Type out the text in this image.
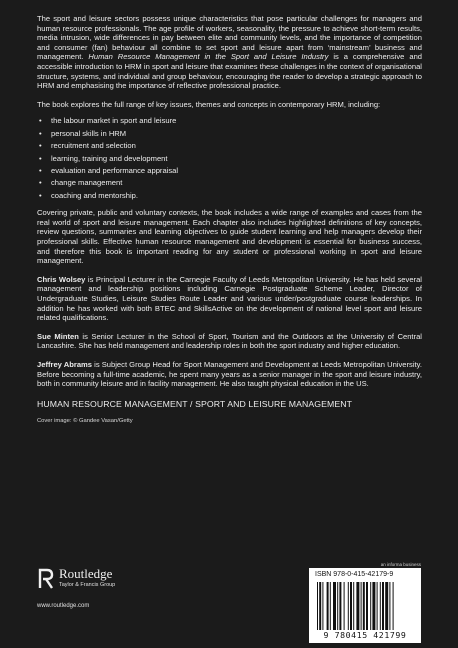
The sport and leisure sectors possess unique characteristics that pose particular challenges for managers and human resource professionals. The age profile of workers, seasonality, the pressure to achieve short-term results, media intrusion, wide differences in pay between elite and community levels, and the importance of competition and consumer (fan) behaviour all combine to set sport and leisure apart from ‘mainstream’ business and management. Human Resource Management in the Sport and Leisure Industry is a comprehensive and accessible introduction to HRM in sport and leisure that examines these challenges in the context of organisational structure, systems, and individual and group behaviour, encouraging the reader to develop a strategic approach to HRM and emphasising the importance of reflective professional practice.

The book explores the full range of key issues, themes and concepts in contemporary HRM, including:

• the labour market in sport and leisure
• personal skills in HRM
• recruitment and selection
• learning, training and development
• evaluation and performance appraisal
• change management
• coaching and mentorship.

Covering private, public and voluntary contexts, the book includes a wide range of examples and cases from the real world of sport and leisure management. Each chapter also includes highlighted definitions of key concepts, review questions, summaries and learning objectives to guide student learning and help managers develop their professional skills. Effective human resource management and development is essential for business success, and therefore this book is important reading for any student or professional working in sport and leisure management.

Chris Wolsey is Principal Lecturer in the Carnegie Faculty of Leeds Metropolitan University. He has held several management and leadership positions including Carnegie Postgraduate Scheme Leader, Director of Undergraduate Studies, Leisure Studies Route Leader and various under/postgraduate course leaderships. In addition he has worked with both BTEC and SkillsActive on the development of national level sport and leisure related qualifications.

Sue Minten is Senior Lecturer in the School of Sport, Tourism and the Outdoors at the University of Central Lancashire. She has held management and leadership roles in both the sport industry and higher education.

Jeffrey Abrams is Subject Group Head for Sport Management and Development at Leeds Metropolitan University. Before becoming a full-time academic, he spent many years as a senior manager in the sport and leisure industry, both in community leisure and in facility management. He also taught physical education in the US.

HUMAN RESOURCE MANAGEMENT / SPORT AND LEISURE MANAGEMENT
Cover image: © Gandee Vasan/Getty
Routledge
Taylor & Francis Group
www.routledge.com
an informa business
ISBN 978-0-415-42179-9
9 780415 421799
